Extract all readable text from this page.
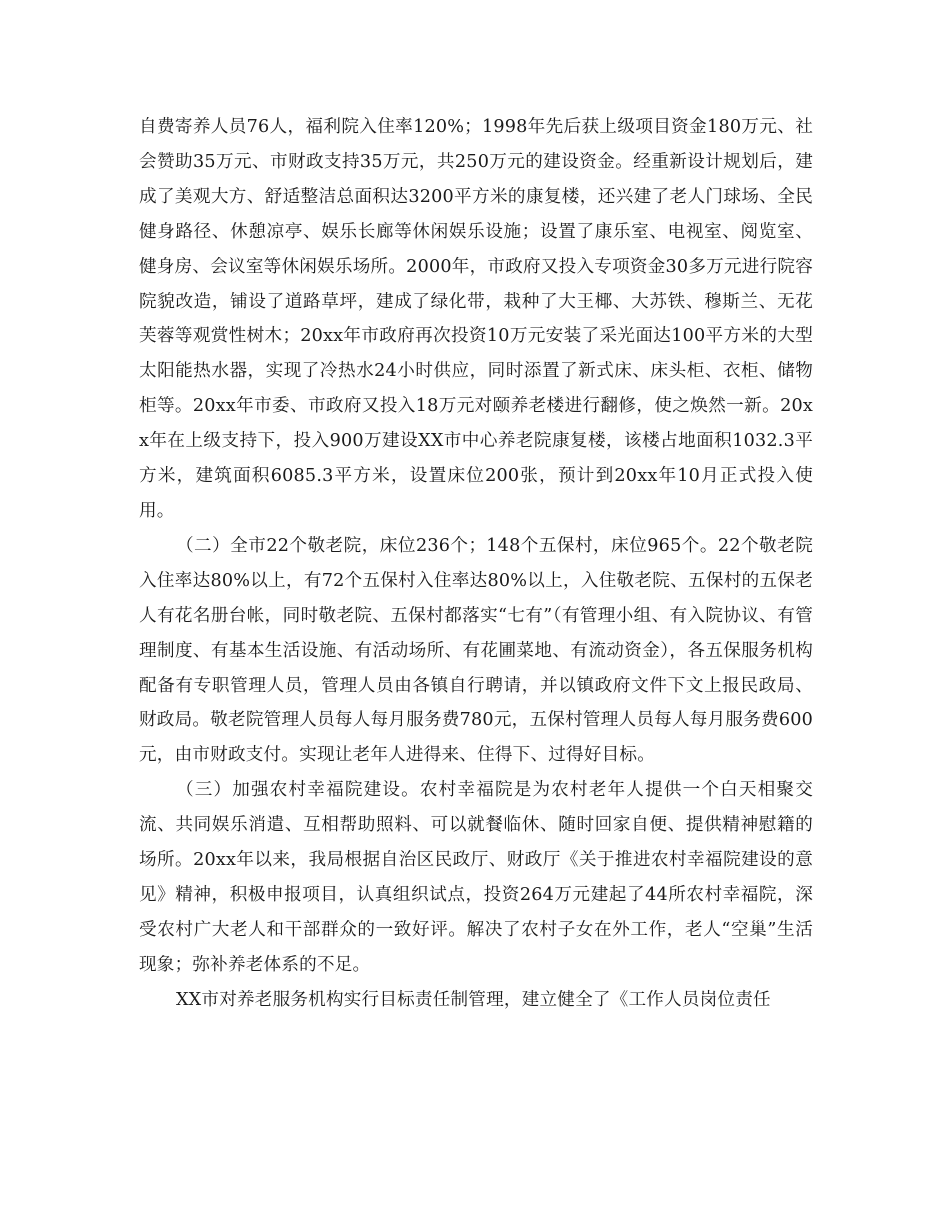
自费寄养人员76人，福利院入住率120%；1998年先后获上级项目资金180万元、社会赞助35万元、市财政支持35万元，共250万元的建设资金。经重新设计规划后，建成了美观大方、舒适整洁总面积达3200平方米的康复楼，还兴建了老人门球场、全民健身路径、休憩凉亭、娱乐长廊等休闲娱乐设施；设置了康乐室、电视室、阅览室、健身房、会议室等休闲娱乐场所。2000年，市政府又投入专项资金30多万元进行院容院貌改造，铺设了道路草坪，建成了绿化带，栽种了大王椰、大苏铁、穆斯兰、无花芙蓉等观赏性树木；20xx年市政府再次投资10万元安装了采光面达100平方米的大型太阳能热水器，实现了冷热水24小时供应，同时添置了新式床、床头柜、衣柜、储物柜等。20xx年市委、市政府又投入18万元对颐养老楼进行翻修，使之焕然一新。20xx年在上级支持下，投入900万建设XX市中心养老院康复楼，该楼占地面积1032.3平方米，建筑面积6085.3平方米，设置床位200张，预计到20xx年10月正式投入使用。

（二）全市22个敬老院，床位236个；148个五保村，床位965个。22个敬老院入住率达80%以上，有72个五保村入住率达80%以上，入住敬老院、五保村的五保老人有花名册台帐，同时敬老院、五保村都落实“七有”（有管理小组、有入院协议、有管理制度、有基本生活设施、有活动场所、有花圃菜地、有流动资金），各五保服务机构配备有专职管理人员，管理人员由各镇自行聘请，并以镇政府文件下文上报民政局、财政局。敬老院管理人员每人每月服务费780元，五保村管理人员每人每月服务费600元，由市财政支付。实现让老年人进得来、住得下、过得好目标。

（三）加强农村幸福院建设。农村幸福院是为农村老年人提供一个白天相聚交流、共同娱乐消遣、互相帮助照料、可以就餐临休、随时回家自便、提供精神慰籍的场所。20xx年以来，我局根据自治区民政厅、财政厅《关于推进农村幸福院建设的意见》精神，积极申报项目，认真组织试点，投资264万元建起了44所农村幸福院，深受农村广大老人和干部群众的一致好评。解决了农村子女在外工作，老人“空巢”生活现象；弥补养老体系的不足。

XX市对养老服务机构实行目标责任制管理，建立健全了《工作人员岗位责任
